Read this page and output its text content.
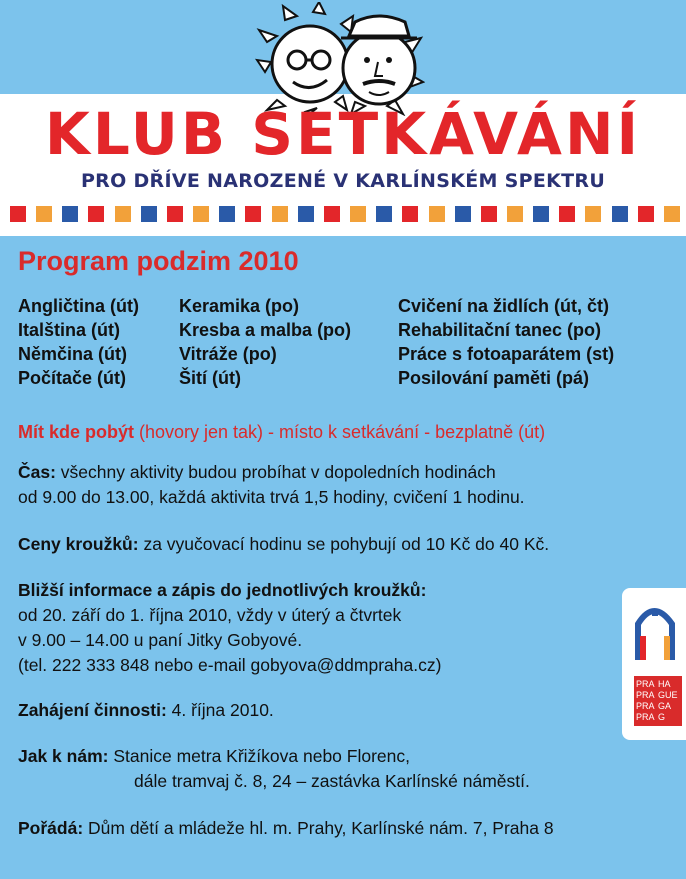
KLUB SETKÁVÁNÍ
PRO DŘÍVE NAROZENÉ V KARLÍNSKÉM SPEKTRU
Program podzim 2010
Angličtina (út)
Italština (út)
Němčina (út)
Počítače (út)
Keramika (po)
Kresba a malba (po)
Vitráže (po)
Šití (út)
Cvičení na židlích (út, čt)
Rehabilitační tanec (po)
Práce s fotoaparátem (st)
Posilování paměti (pá)
Mít kde pobýt (hovory jen tak) - místo k setkávání - bezplatně (út)
Čas: všechny aktivity budou probíhat v dopoledních hodinách
od 9.00 do 13.00, každá aktivita trvá 1,5 hodiny, cvičení 1 hodinu.
Ceny kroužků: za vyučovací hodinu se pohybují od 10 Kč do 40 Kč.
Bližší informace a zápis do jednotlivých kroužků:
od 20. září do 1. října 2010, vždy v úterý a čtvrtek
v 9.00 – 14.00 u paní Jitky Gobyové.
(tel. 222 333 848 nebo e-mail gobyova@ddmpraha.cz)
Zahájení činnosti: 4. října 2010.
Jak k nám: Stanice metra Křižíkova nebo Florenc,
dále tramvaj č. 8, 24 – zastávka Karlínské náměstí.
Pořádá: Dům dětí a mládeže hl. m. Prahy, Karlínské nám. 7, Praha 8
PRA HA
PRA GUE
PRA GA
PRA G
